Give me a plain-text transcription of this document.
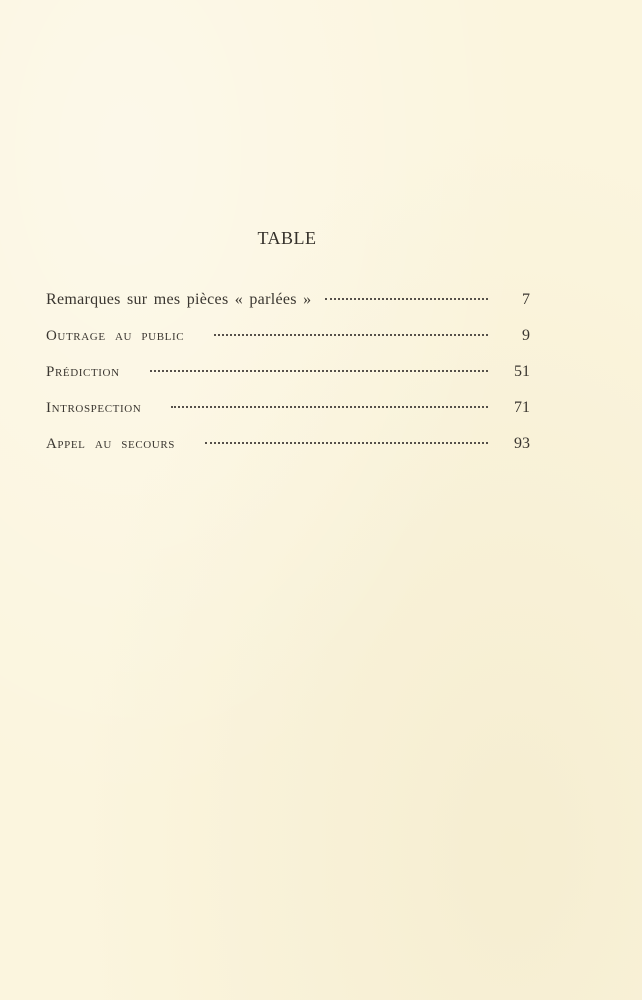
TABLE
Remarques sur mes pièces « parlées »	7
Outrage au public	9
Prédiction	51
Introspection	71
Appel au secours	93
